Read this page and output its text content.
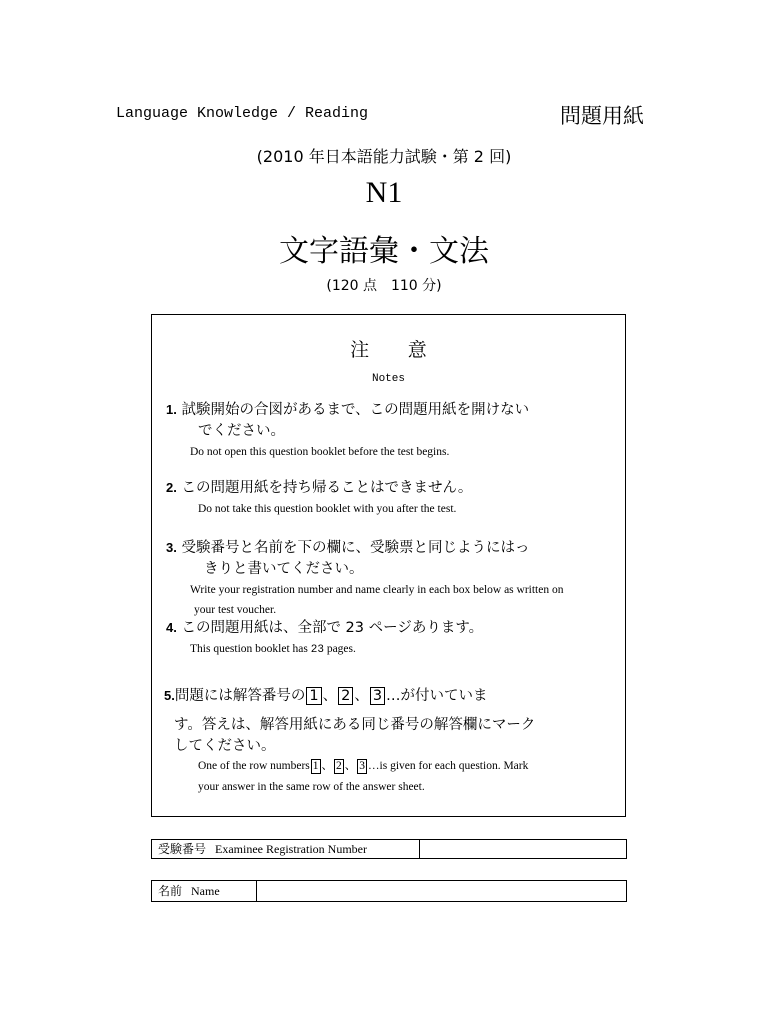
Language Knowledge / Reading	問題用紙
(2010 年日本語能力試験・第 2 回)
N1
文字語彙・文法
(120 点　110 分)
注　　意
Notes
1. 試験開始の合図があるまで、この問題用紙を開けない
でください。
Do not open this question booklet before the test begins.
2. この問題用紙を持ち帰ることはできません。
Do not take this question booklet with you after the test.
3. 受験番号と名前を下の欄に、受験票と同じようにはっ
きりと書いてください。
Write your registration number and name clearly in each box below as written on
your test voucher.
4. この問題用紙は、全部で 23 ページあります。
This question booklet has 23 pages.
5.問題には解答番号の 1 、 2 、 3 …が付いていま
す。答えは、解答用紙にある同じ番号の解答欄にマーク
してください。
One of the row numbers 1 、 2 、 3 …is given for each question. Mark
your answer in the same row of the answer sheet.
受験番号 Examinee Registration Number
名前 Name
